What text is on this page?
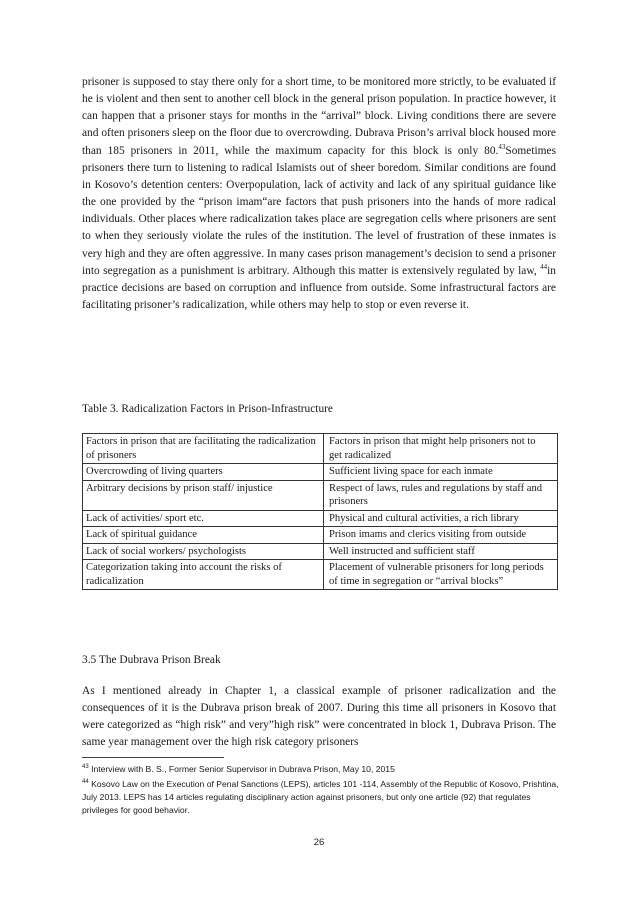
prisoner is supposed to stay there only for a short time, to be monitored more strictly, to be evaluated if he is violent and then sent to another cell block in the general prison population. In practice however, it can happen that a prisoner stays for months in the “arrival” block. Living conditions there are severe and often prisoners sleep on the floor due to overcrowding. Dubrava Prison’s arrival block housed more than 185 prisoners in 2011, while the maximum capacity for this block is only 80.43Sometimes prisoners there turn to listening to radical Islamists out of sheer boredom. Similar conditions are found in Kosovo’s detention centers: Overpopulation, lack of activity and lack of any spiritual guidance like the one provided by the “prison imam“are factors that push prisoners into the hands of more radical individuals. Other places where radicalization takes place are segregation cells where prisoners are sent to when they seriously violate the rules of the institution. The level of frustration of these inmates is very high and they are often aggressive. In many cases prison management’s decision to send a prisoner into segregation as a punishment is arbitrary. Although this matter is extensively regulated by law, $^{44}$in practice decisions are based on corruption and influence from outside. Some infrastructural factors are facilitating prisoner’s radicalization, while others may help to stop or even reverse it.

Table 3. Radicalization Factors in Prison-Infrastructure

Factors in prison that are facilitating the radicalization of prisoners	Factors in prison that might help prisoners not to get radicalized
Overcrowding of living quarters	Sufficient living space for each inmate
Arbitrary decisions by prison staff/ injustice	Respect of laws, rules and regulations by staff and prisoners
Lack of activities/ sport etc.	Physical and cultural activities, a rich library
Lack of spiritual guidance	Prison imams and clerics visiting from outside
Lack of social workers/ psychologists	Well instructed and sufficient staff
Categorization taking into account the risks of radicalization	Placement of vulnerable prisoners for long periods of time in segregation or “arrival blocks”

3.5 The Dubrava Prison Break

As I mentioned already in Chapter 1, a classical example of prisoner radicalization and the consequences of it is the Dubrava prison break of 2007. During this time all prisoners in Kosovo that were categorized as “high risk” and very”high risk” were concentrated in block 1, Dubrava Prison. The same year management over the high risk category prisoners

$^{43}$ Interview with B. S., Former Senior Supervisor in Dubrava Prison, May 10, 2015

$^{44}$ Kosovo Law on the Execution of Penal Sanctions (LEPS), articles 101 -114, Assembly of the Republic of Kosovo, Prishtina, July 2013. LEPS has 14 articles regulating disciplinary action against prisoners, but only one article (92) that regulates privileges for good behavior.

26
